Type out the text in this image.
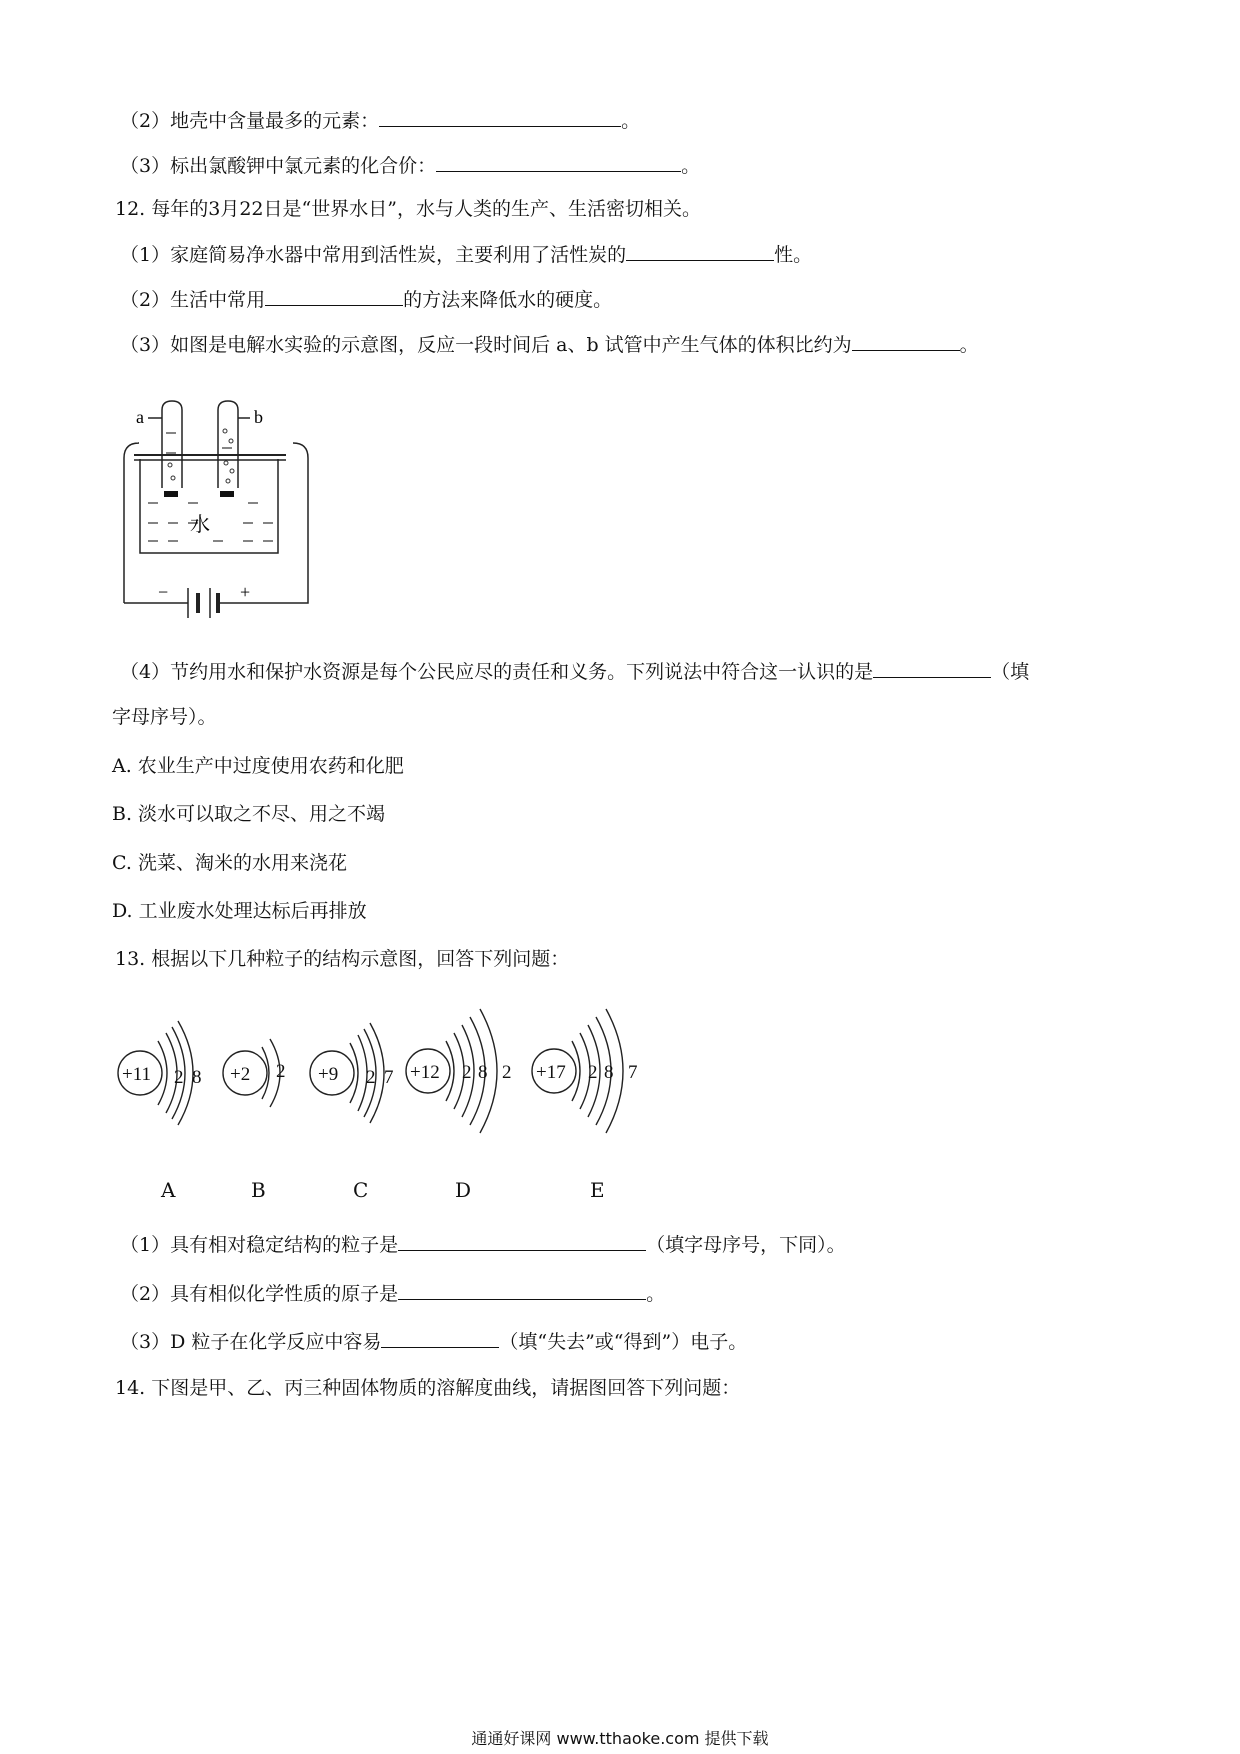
（2）地壳中含量最多的元素：	。
（3）标出氯酸钾中氯元素的化合价：	。
12. 每年的3月22日是“世界水日”，水与人类的生产、生活密切相关。
（1）家庭简易净水器中常用到活性炭，主要利用了活性炭的	性。
（2）生活中常用	的方法来降低水的硬度。
（3）如图是电解水实验的示意图，反应一段时间后 a、b 试管中产生气体的体积比约为	。
a	b
水
−	+
（4）节约用水和保护水资源是每个公民应尽的责任和义务。下列说法中符合这一认识的是	（填
字母序号）。
A. 农业生产中过度使用农药和化肥
B. 淡水可以取之不尽、用之不竭
C. 洗菜、淘米的水用来浇花
D. 工业废水处理达标后再排放
13. 根据以下几种粒子的结构示意图，回答下列问题：
+11 2 8 +2 2 +9 2 7 +12 2 8 2 +17 2 8 7
A	B	C	D	E
（1）具有相对稳定结构的粒子是	（填字母序号，下同）。
（2）具有相似化学性质的原子是	。
（3）D 粒子在化学反应中容易	（填“失去”或“得到”）电子。
14. 下图是甲、乙、丙三种固体物质的溶解度曲线，请据图回答下列问题：
通通好课网 www.tthaoke.com 提供下载
